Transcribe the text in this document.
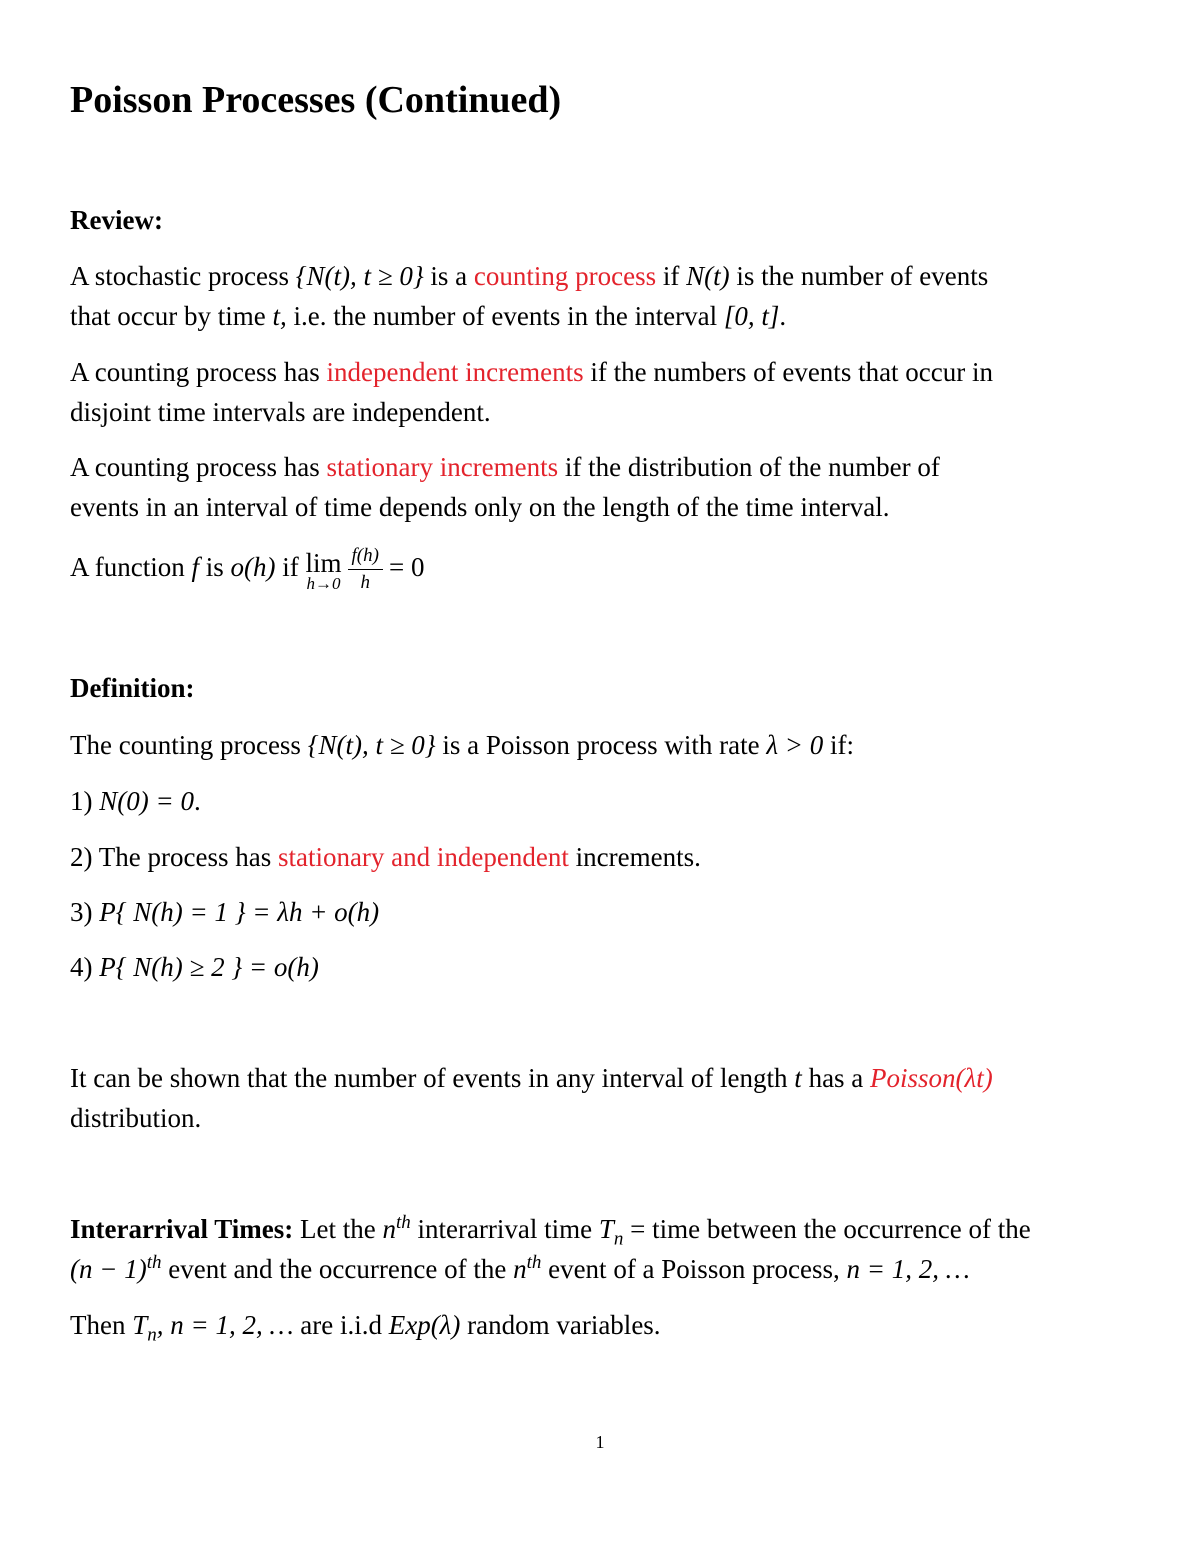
Poisson Processes (Continued)
Review:
A stochastic process {N(t), t ≥ 0} is a counting process if N(t) is the number of events
that occur by time t, i.e. the number of events in the interval [0, t].
A counting process has independent increments if the numbers of events that occur in
disjoint time intervals are independent.
A counting process has stationary increments if the distribution of the number of
events in an interval of time depends only on the length of the time interval.
A function f is o(h) if lim
$h\to 0 \frac{f(h)}{h} = 0$
Definition:
The counting process {N(t), t ≥ 0} is a Poisson process with rate λ > 0 if:
1) N(0) = 0.
2) The process has stationary and independent increments.
3) P{ N(h) = 1 } = λh + o(h)
4) P{ N(h) ≥ 2 } = o(h)
It can be shown that the number of events in any interval of length t has a Poisson(λt)
distribution.
Interarrival Times: Let the $n^{th}$ interarrival time $T_n$ = time between the occurrence of the
$(n - 1)^{th}$ event and the occurrence of the $n^{th}$ event of a Poisson process, n = 1, 2, …
Then $T_n$, n = 1, 2, … are i.i.d Exp(λ) random variables.
1
